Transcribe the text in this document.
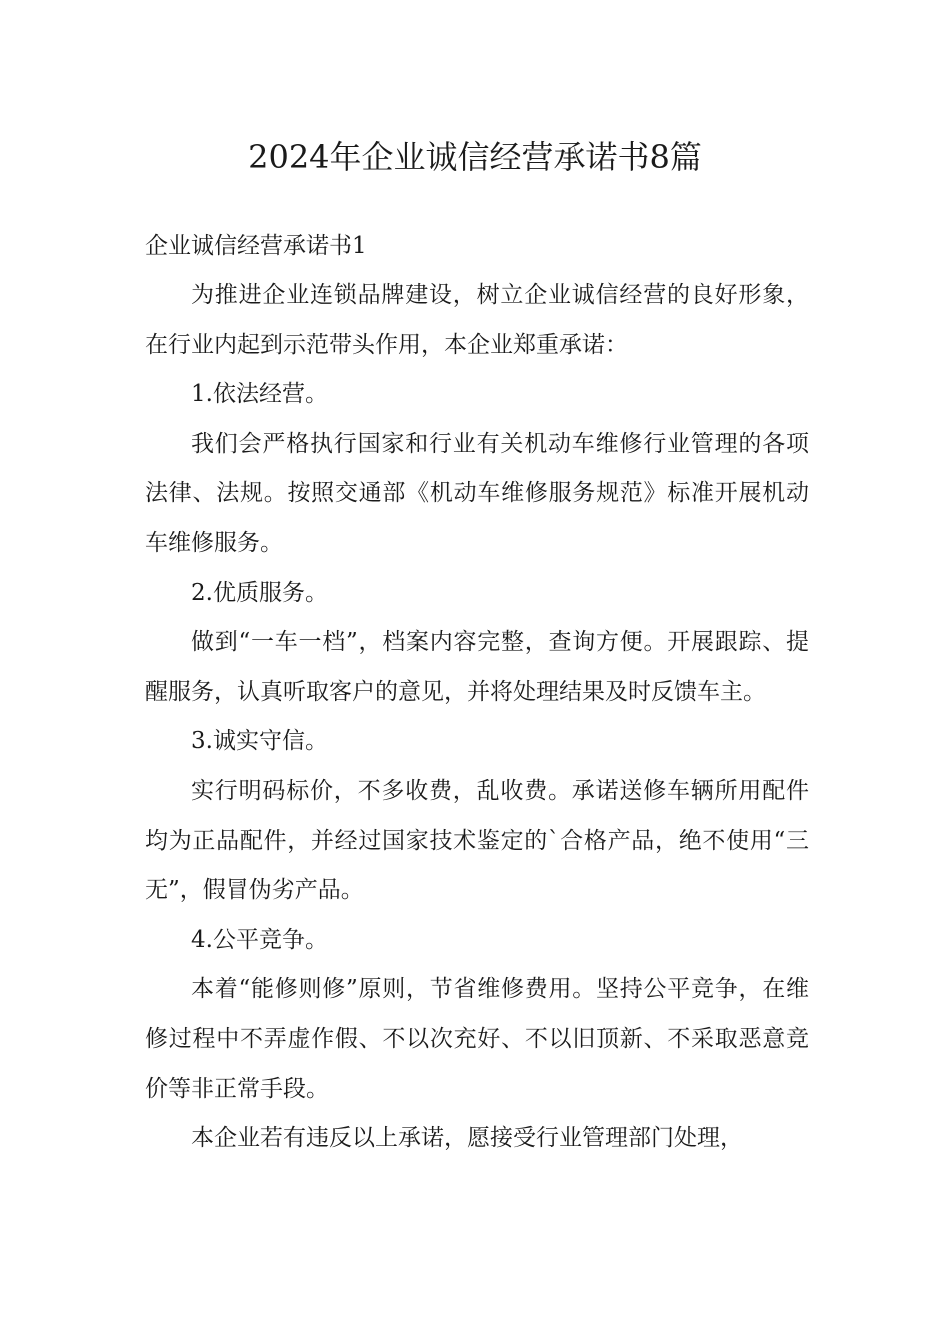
2024年企业诚信经营承诺书8篇
企业诚信经营承诺书1

为推进企业连锁品牌建设，树立企业诚信经营的良好形象，在行业内起到示范带头作用，本企业郑重承诺：

1.依法经营。

我们会严格执行国家和行业有关机动车维修行业管理的各项法律、法规。按照交通部《机动车维修服务规范》标准开展机动车维修服务。

2.优质服务。

做到“一车一档”，档案内容完整，查询方便。开展跟踪、提醒服务，认真听取客户的意见，并将处理结果及时反馈车主。

3.诚实守信。

实行明码标价，不多收费，乱收费。承诺送修车辆所用配件均为正品配件，并经过国家技术鉴定的`合格产品，绝不使用“三无”，假冒伪劣产品。

4.公平竞争。

本着“能修则修”原则，节省维修费用。坚持公平竞争，在维修过程中不弄虚作假、不以次充好、不以旧顶新、不采取恶意竞价等非正常手段。

本企业若有违反以上承诺，愿接受行业管理部门处理，
